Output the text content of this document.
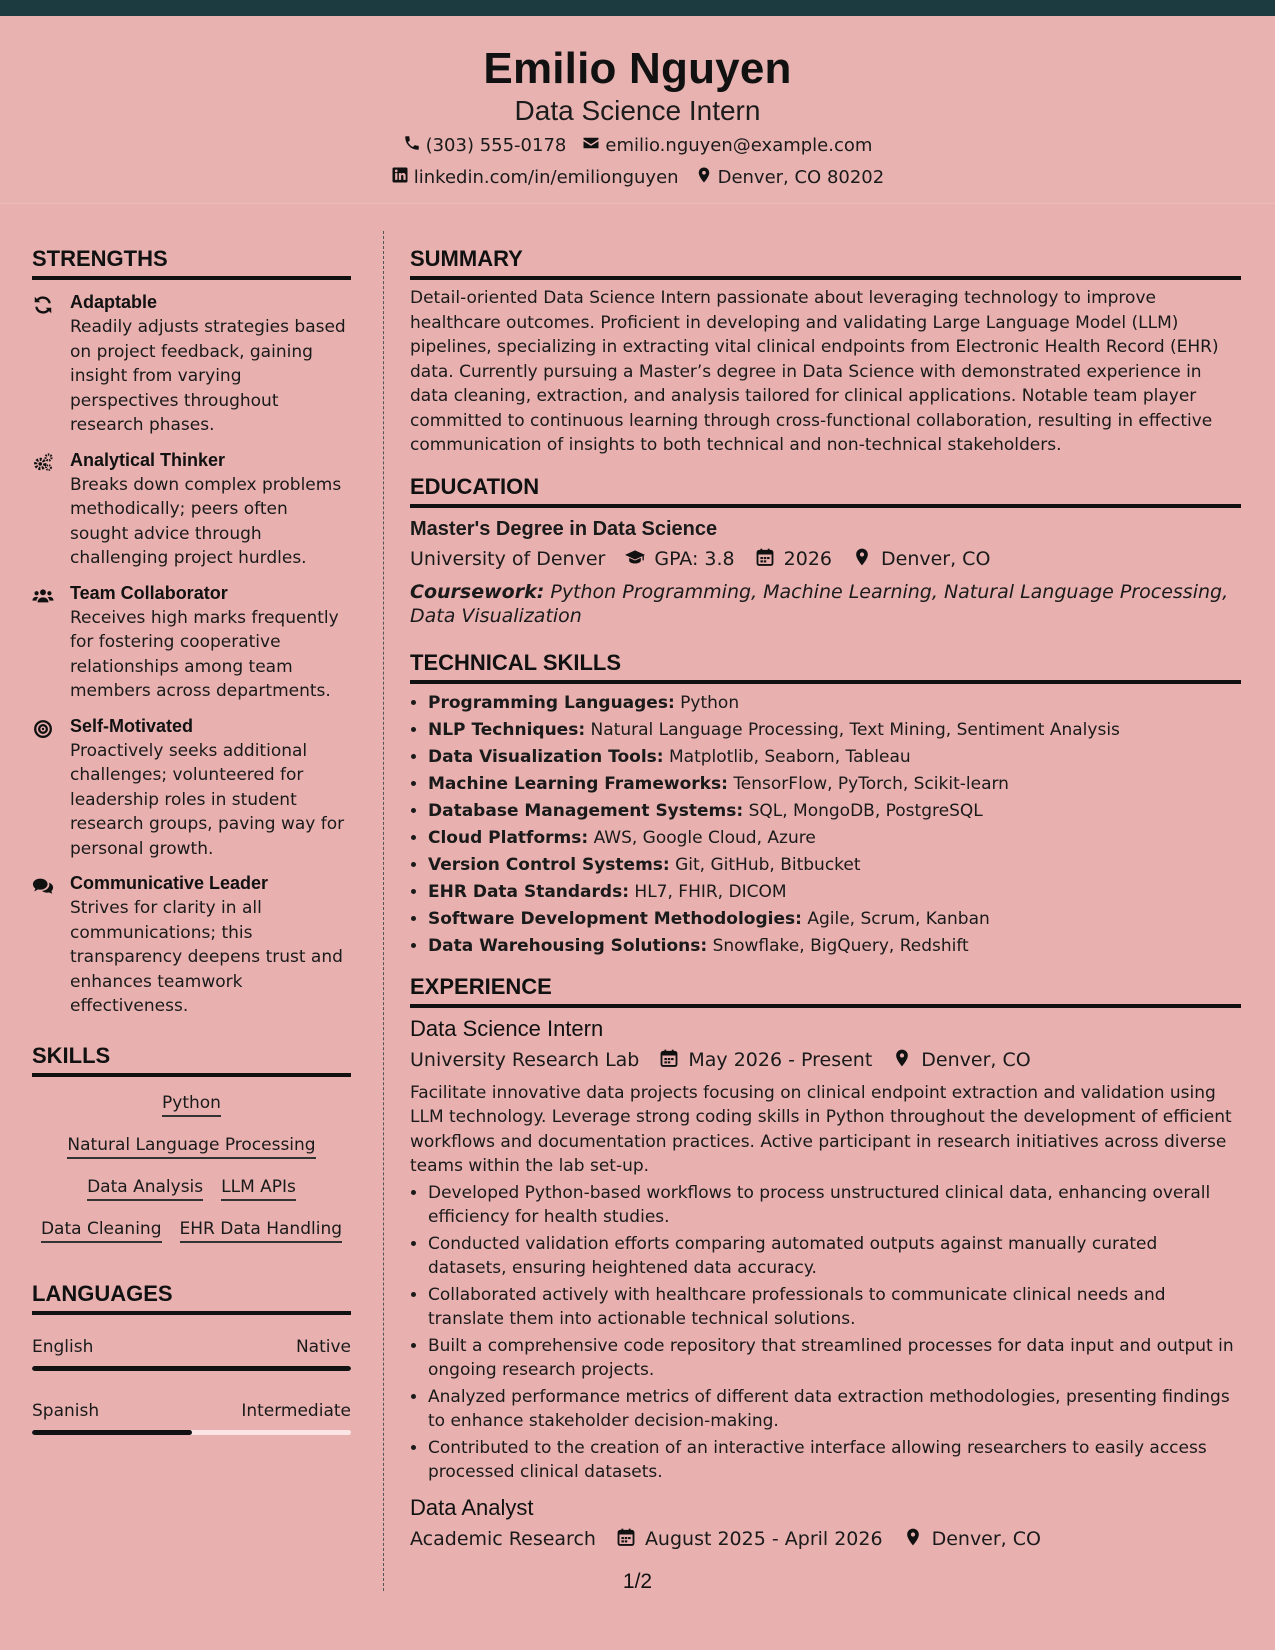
Emilio Nguyen
Data Science Intern
(303) 555-0178 emilio.nguyen@example.com
linkedin.com/in/emilionguyen Denver, CO 80202
STRENGTHS
Adaptable
Readily adjusts strategies based on project feedback, gaining insight from varying perspectives throughout research phases.
Analytical Thinker
Breaks down complex problems methodically; peers often sought advice through challenging project hurdles.
Team Collaborator
Receives high marks frequently for fostering cooperative relationships among team members across departments.
Self-Motivated
Proactively seeks additional challenges; volunteered for leadership roles in student research groups, paving way for personal growth.
Communicative Leader
Strives for clarity in all communications; this transparency deepens trust and enhances teamwork effectiveness.
SKILLS
Python
Natural Language Processing
Data Analysis LLM APIs
Data Cleaning EHR Data Handling
LANGUAGES
English	Native
Spanish	Intermediate
SUMMARY

Detail-oriented Data Science Intern passionate about leveraging technology to improve healthcare outcomes. Proficient in developing and validating Large Language Model (LLM) pipelines, specializing in extracting vital clinical endpoints from Electronic Health Record (EHR) data. Currently pursuing a Master’s degree in Data Science with demonstrated experience in data cleaning, extraction, and analysis tailored for clinical applications. Notable team player committed to continuous learning through cross-functional collaboration, resulting in effective communication of insights to both technical and non-technical stakeholders.

EDUCATION
Master's Degree in Data Science
University of Denver	GPA: 3.8	2026	Denver, CO

Coursework: Python Programming, Machine Learning, Natural Language Processing, Data Visualization

TECHNICAL SKILLS
• Programming Languages: Python
• NLP Techniques: Natural Language Processing, Text Mining, Sentiment Analysis
• Data Visualization Tools: Matplotlib, Seaborn, Tableau
• Machine Learning Frameworks: TensorFlow, PyTorch, Scikit-learn
• Database Management Systems: SQL, MongoDB, PostgreSQL
• Cloud Platforms: AWS, Google Cloud, Azure
• Version Control Systems: Git, GitHub, Bitbucket
• EHR Data Standards: HL7, FHIR, DICOM
• Software Development Methodologies: Agile, Scrum, Kanban
• Data Warehousing Solutions: Snowflake, BigQuery, Redshift
EXPERIENCE
Data Science Intern
University Research Lab	May 2026 - Present	Denver, CO

Facilitate innovative data projects focusing on clinical endpoint extraction and validation using LLM technology. Leverage strong coding skills in Python throughout the development of efficient workflows and documentation practices. Active participant in research initiatives across diverse teams within the lab set-up.

• Developed Python-based workflows to process unstructured clinical data, enhancing overall efficiency for health studies.
• Conducted validation efforts comparing automated outputs against manually curated datasets, ensuring heightened data accuracy.
• Collaborated actively with healthcare professionals to communicate clinical needs and translate them into actionable technical solutions.
• Built a comprehensive code repository that streamlined processes for data input and output in ongoing research projects.
• Analyzed performance metrics of different data extraction methodologies, presenting findings to enhance stakeholder decision-making.
• Contributed to the creation of an interactive interface allowing researchers to easily access processed clinical datasets.
Data Analyst
Academic Research	August 2025 - April 2026	Denver, CO
1/2
